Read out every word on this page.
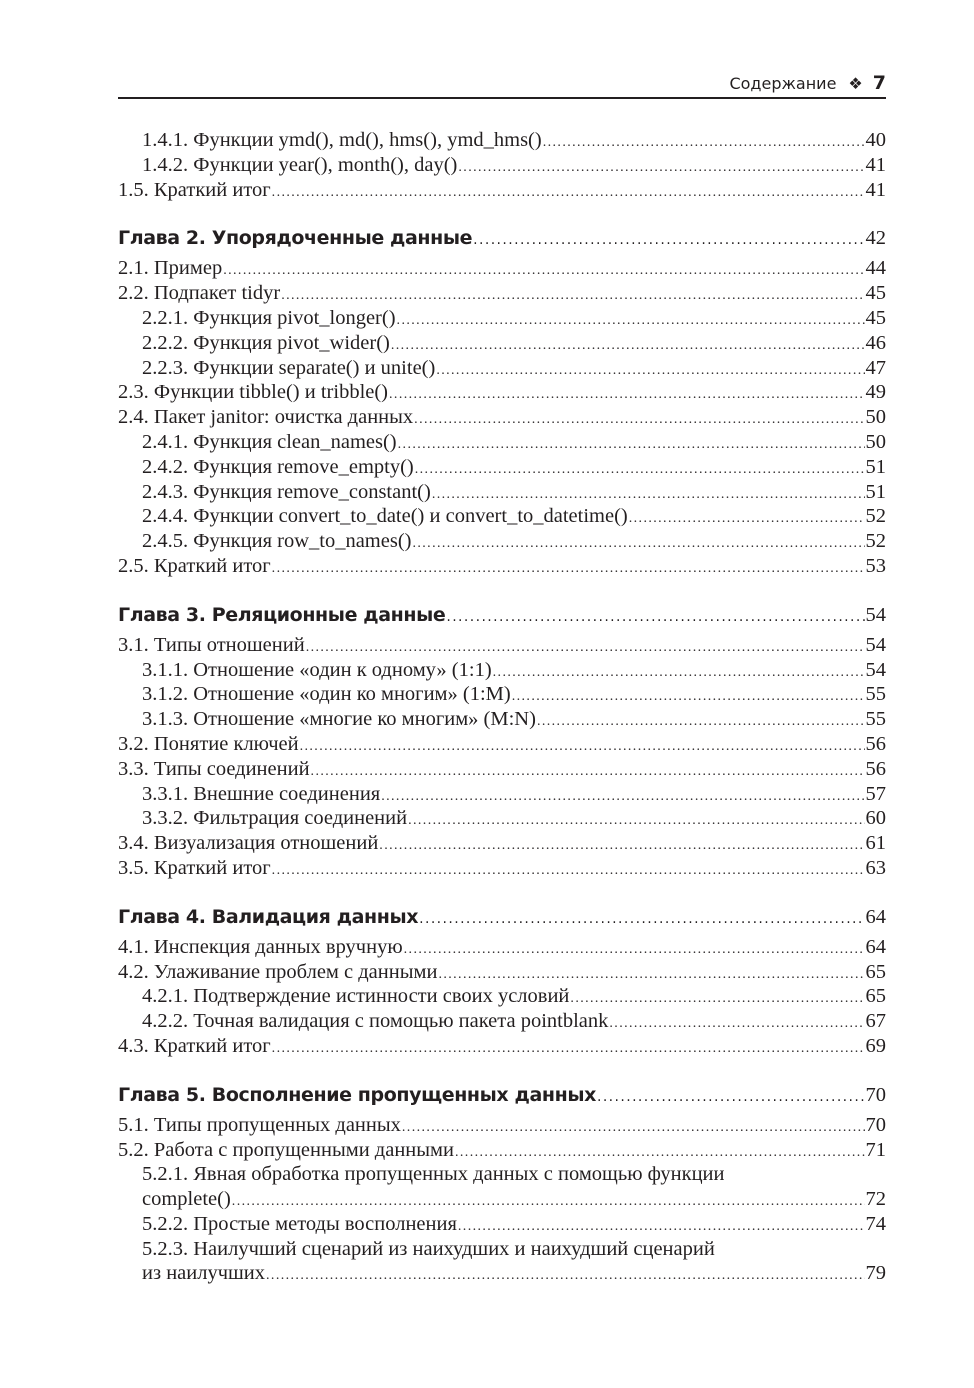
Содержание ❖ 7
1.4.1. Функции ymd(), md(), hms(), ymd_hms() .....	40
1.4.2. Функции year(), month(), day() .....	41
1.5. Краткий итог .....	41
Глава 2. Упорядоченные данные .....	42
2.1. Пример .....	44
2.2. Подпакет tidyr .....	45
2.2.1. Функция pivot_longer() .....	45
2.2.2. Функция pivot_wider() .....	46
2.2.3. Функции separate() и unite() .....	47
2.3. Функции tibble() и tribble() .....	49
2.4. Пакет janitor: очистка данных .....	50
2.4.1. Функция clean_names() .....	50
2.4.2. Функция remove_empty() .....	51
2.4.3. Функция remove_constant() .....	51
2.4.4. Функции convert_to_date() и convert_to_datetime() .....	52
2.4.5. Функция row_to_names() .....	52
2.5. Краткий итог .....	53
Глава 3. Реляционные данные .....	54
3.1. Типы отношений .....	54
3.1.1. Отношение «один к одному» (1:1) .....	54
3.1.2. Отношение «один ко многим» (1:M) .....	55
3.1.3. Отношение «многие ко многим» (M:N) .....	55
3.2. Понятие ключей .....	56
3.3. Типы соединений .....	56
3.3.1. Внешние соединения .....	57
3.3.2. Фильтрация соединений .....	60
3.4. Визуализация отношений .....	61
3.5. Краткий итог .....	63
Глава 4. Валидация данных .....	64
4.1. Инспекция данных вручную .....	64
4.2. Улаживание проблем с данными .....	65
4.2.1. Подтверждение истинности своих условий .....	65
4.2.2. Точная валидация с помощью пакета pointblank .....	67
4.3. Краткий итог .....	69
Глава 5. Восполнение пропущенных данных .....	70
5.1. Типы пропущенных данных .....	70
5.2. Работа с пропущенными данными .....	71
5.2.1. Явная обработка пропущенных данных с помощью функции
complete() .....	72
5.2.2. Простые методы восполнения .....	74
5.2.3. Наилучший сценарий из наихудших и наихудший сценарий
из наилучших .....	79
